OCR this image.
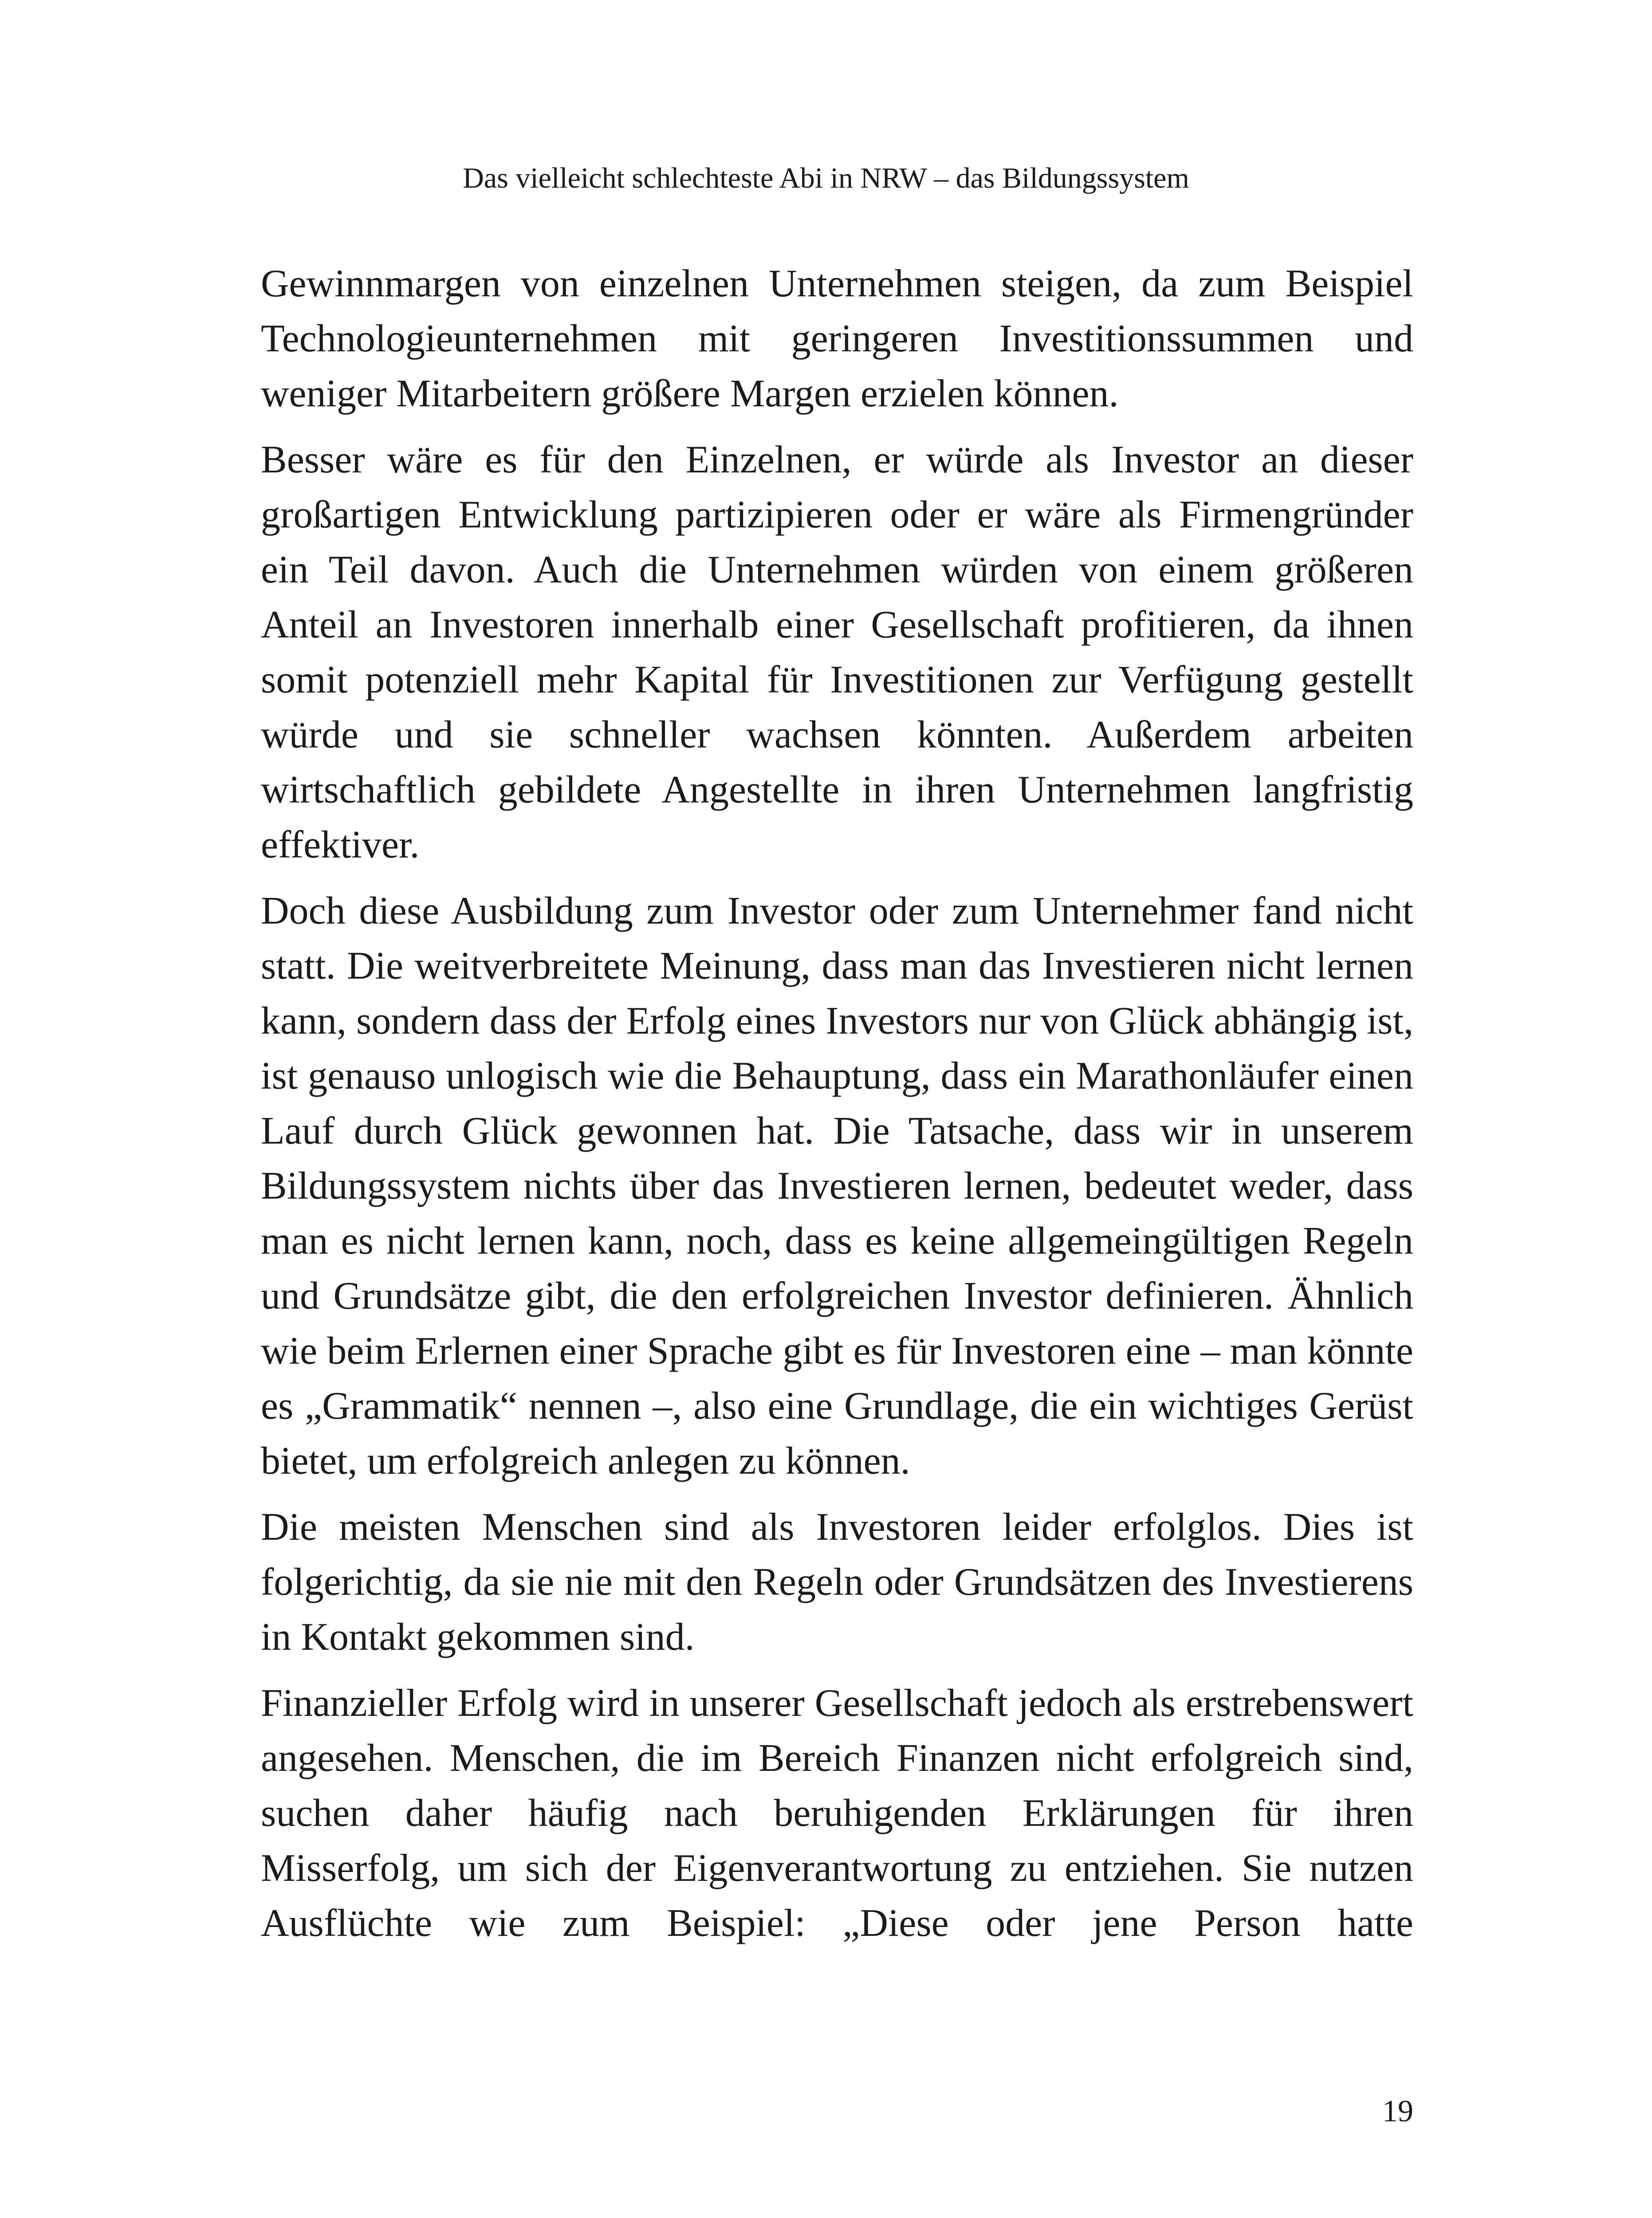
Das vielleicht schlechteste Abi in NRW – das Bildungssystem

Gewinnmargen von einzelnen Unternehmen steigen, da zum Beispiel Technologieunternehmen mit geringeren Investitionssummen und weniger Mitarbeitern größere Margen erzielen können.

Besser wäre es für den Einzelnen, er würde als Investor an dieser großartigen Entwicklung partizipieren oder er wäre als Firmengründer ein Teil davon. Auch die Unternehmen würden von einem größeren Anteil an Investoren innerhalb einer Gesellschaft profitieren, da ihnen somit potenziell mehr Kapital für Investitionen zur Verfügung gestellt würde und sie schneller wachsen könnten. Außerdem arbeiten wirtschaftlich gebildete Angestellte in ihren Unternehmen langfristig effektiver.

Doch diese Ausbildung zum Investor oder zum Unternehmer fand nicht statt. Die weitverbreitete Meinung, dass man das Investieren nicht lernen kann, sondern dass der Erfolg eines Investors nur von Glück abhängig ist, ist genauso unlogisch wie die Behauptung, dass ein Marathonläufer einen Lauf durch Glück gewonnen hat. Die Tatsache, dass wir in unserem Bildungssystem nichts über das Investieren lernen, bedeutet weder, dass man es nicht lernen kann, noch, dass es keine allgemeingültigen Regeln und Grundsätze gibt, die den erfolgreichen Investor definieren. Ähnlich wie beim Erlernen einer Sprache gibt es für Investoren eine – man könnte es „Grammatik“ nennen –, also eine Grundlage, die ein wichtiges Gerüst bietet, um erfolgreich anlegen zu können.

Die meisten Menschen sind als Investoren leider erfolglos. Dies ist folgerichtig, da sie nie mit den Regeln oder Grundsätzen des Investierens in Kontakt gekommen sind.

Finanzieller Erfolg wird in unserer Gesellschaft jedoch als erstrebenswert angesehen. Menschen, die im Bereich Finanzen nicht erfolgreich sind, suchen daher häufig nach beruhigenden Erklärungen für ihren Misserfolg, um sich der Eigenverantwortung zu entziehen. Sie nutzen Ausflüchte wie zum Beispiel: „Diese oder jene Person hatte

19
